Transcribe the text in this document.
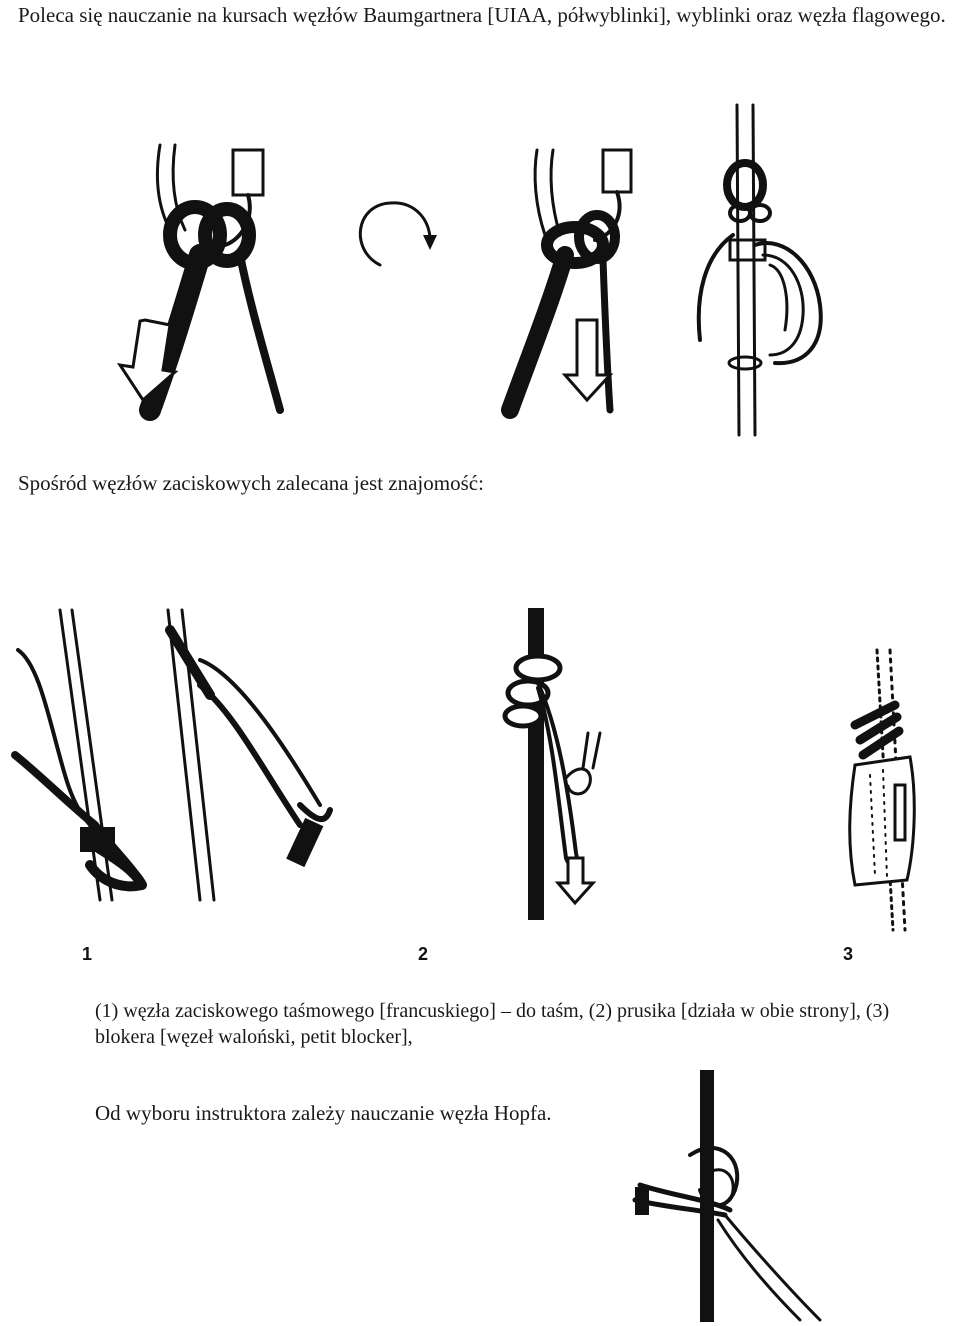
Poleca się nauczanie na kursach węzłów Baumgartnera [UIAA, półwyblinki], wyblinki oraz węzła flagowego.
Spośród węzłów zaciskowych zalecana jest znajomość:
1	2	3
(1) węzła zaciskowego taśmowego [francuskiego] – do taśm, (2) prusika [działa w obie strony], (3) blokera [węzeł waloński, petit blocker],
Od wyboru instruktora zależy nauczanie węzła Hopfa.
